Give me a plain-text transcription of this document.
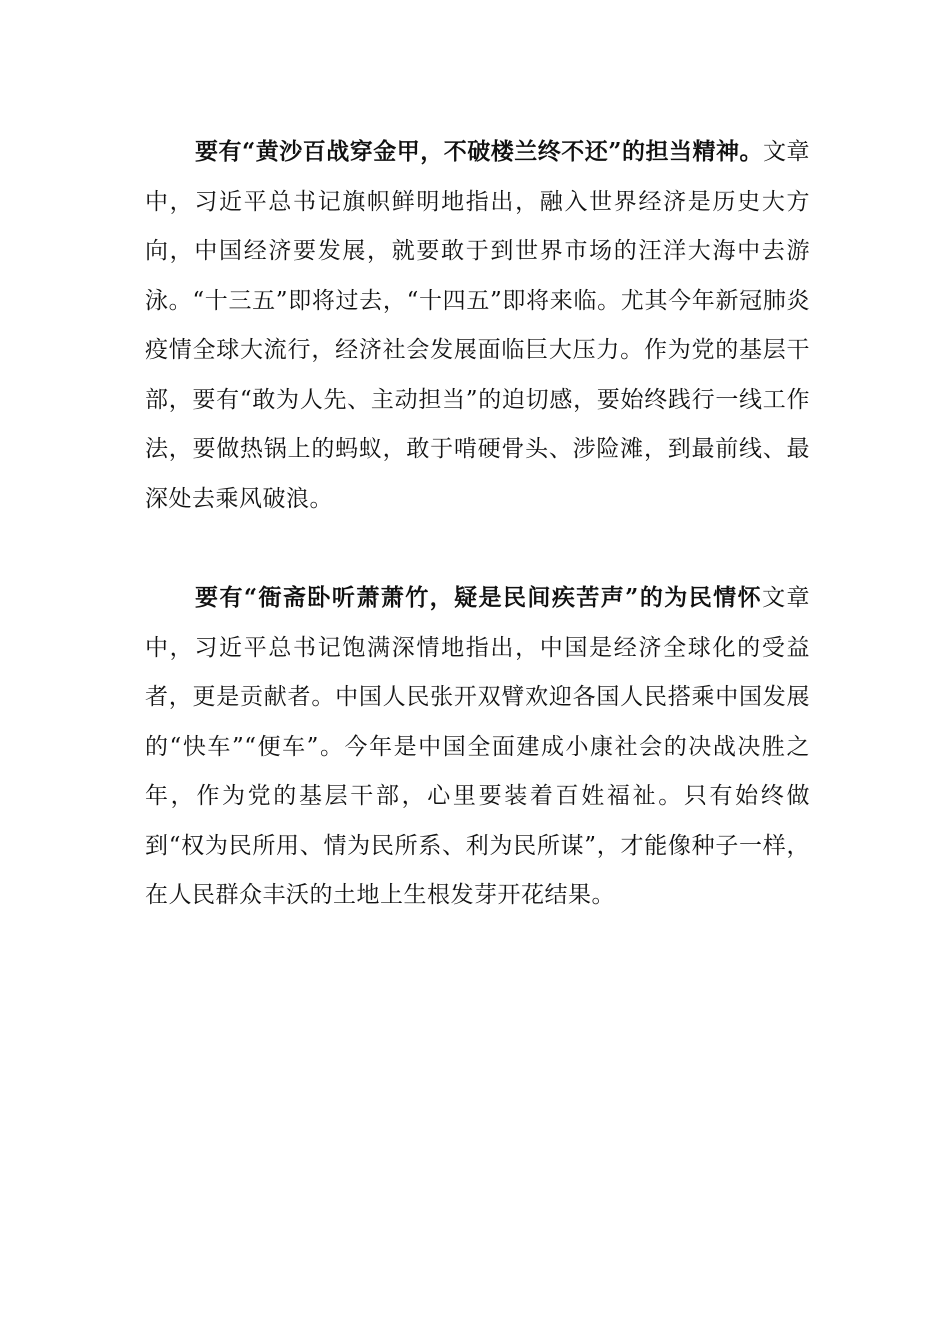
要有“黄沙百战穿金甲，不破楼兰终不还”的担当精神。文章中，习近平总书记旗帜鲜明地指出，融入世界经济是历史大方向，中国经济要发展，就要敢于到世界市场的汪洋大海中去游泳。“十三五”即将过去，“十四五”即将来临。尤其今年新冠肺炎疫情全球大流行，经济社会发展面临巨大压力。作为党的基层干部，要有“敢为人先、主动担当”的迫切感，要始终践行一线工作法，要做热锅上的蚂蚁，敢于啃硬骨头、涉险滩，到最前线、最深处去乘风破浪。

要有“衙斋卧听萧萧竹，疑是民间疾苦声”的为民情怀文章中，习近平总书记饱满深情地指出，中国是经济全球化的受益者，更是贡献者。中国人民张开双臂欢迎各国人民搭乘中国发展的“快车”“便车”。今年是中国全面建成小康社会的决战决胜之年，作为党的基层干部，心里要装着百姓福祉。只有始终做到“权为民所用、情为民所系、利为民所谋”，才能像种子一样，在人民群众丰沃的土地上生根发芽开花结果。
